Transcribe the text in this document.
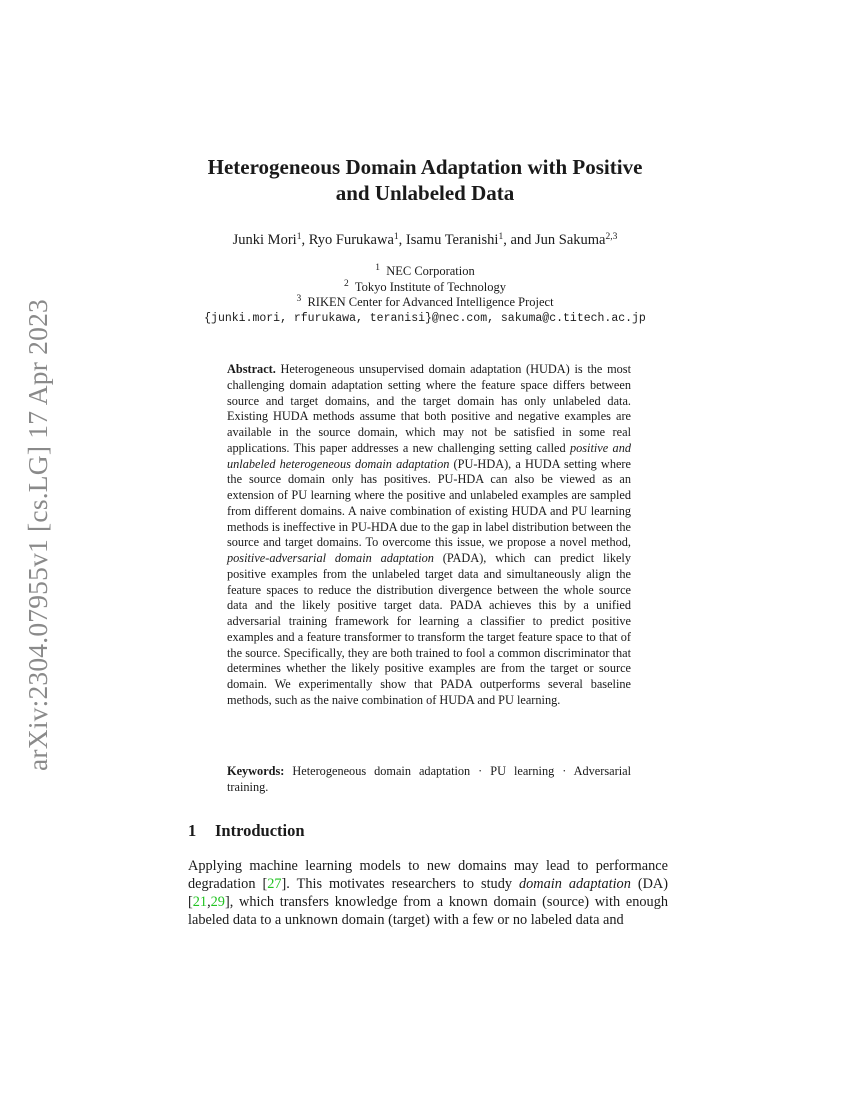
arXiv:2304.07955v1 [cs.LG] 17 Apr 2023
Heterogeneous Domain Adaptation with Positive
and Unlabeled Data
Junki Mori$^1$, Ryo Furukawa$^1$, Isamu Teranishi$^1$, and Jun Sakuma$^{2,3}$
$^1$ NEC Corporation
$^2$ Tokyo Institute of Technology
$^3$ RIKEN Center for Advanced Intelligence Project
{junki.mori, rfurukawa, teranisi}@nec.com, sakuma@c.titech.ac.jp
Abstract. Heterogeneous unsupervised domain adaptation (HUDA) is the most challenging domain adaptation setting where the feature space differs between source and target domains, and the target domain has only unlabeled data. Existing HUDA methods assume that both positive and negative examples are available in the source domain, which may not be satisfied in some real applications. This paper addresses a new challenging setting called positive and unlabeled heterogeneous domain adaptation (PU-HDA), a HUDA setting where the source domain only has positives. PU-HDA can also be viewed as an extension of PU learning where the positive and unlabeled examples are sampled from different domains. A naive combination of existing HUDA and PU learning methods is ineffective in PU-HDA due to the gap in label distribution between the source and target domains. To overcome this issue, we propose a novel method, positive-adversarial domain adaptation (PADA), which can predict likely positive examples from the unlabeled target data and simultaneously align the feature spaces to reduce the distribution divergence between the whole source data and the likely positive target data. PADA achieves this by a unified adversarial training framework for learning a classifier to predict positive examples and a feature transformer to transform the target feature space to that of the source. Specifically, they are both trained to fool a common discriminator that determines whether the likely positive examples are from the target or source domain. We experimentally show that PADA outperforms several baseline methods, such as the naive combination of HUDA and PU learning.
Keywords: Heterogeneous domain adaptation · PU learning · Adversarial training.
1 Introduction
Applying machine learning models to new domains may lead to performance degradation [27]. This motivates researchers to study domain adaptation (DA) [21,29], which transfers knowledge from a known domain (source) with enough labeled data to a unknown domain (target) with a few or no labeled data and
